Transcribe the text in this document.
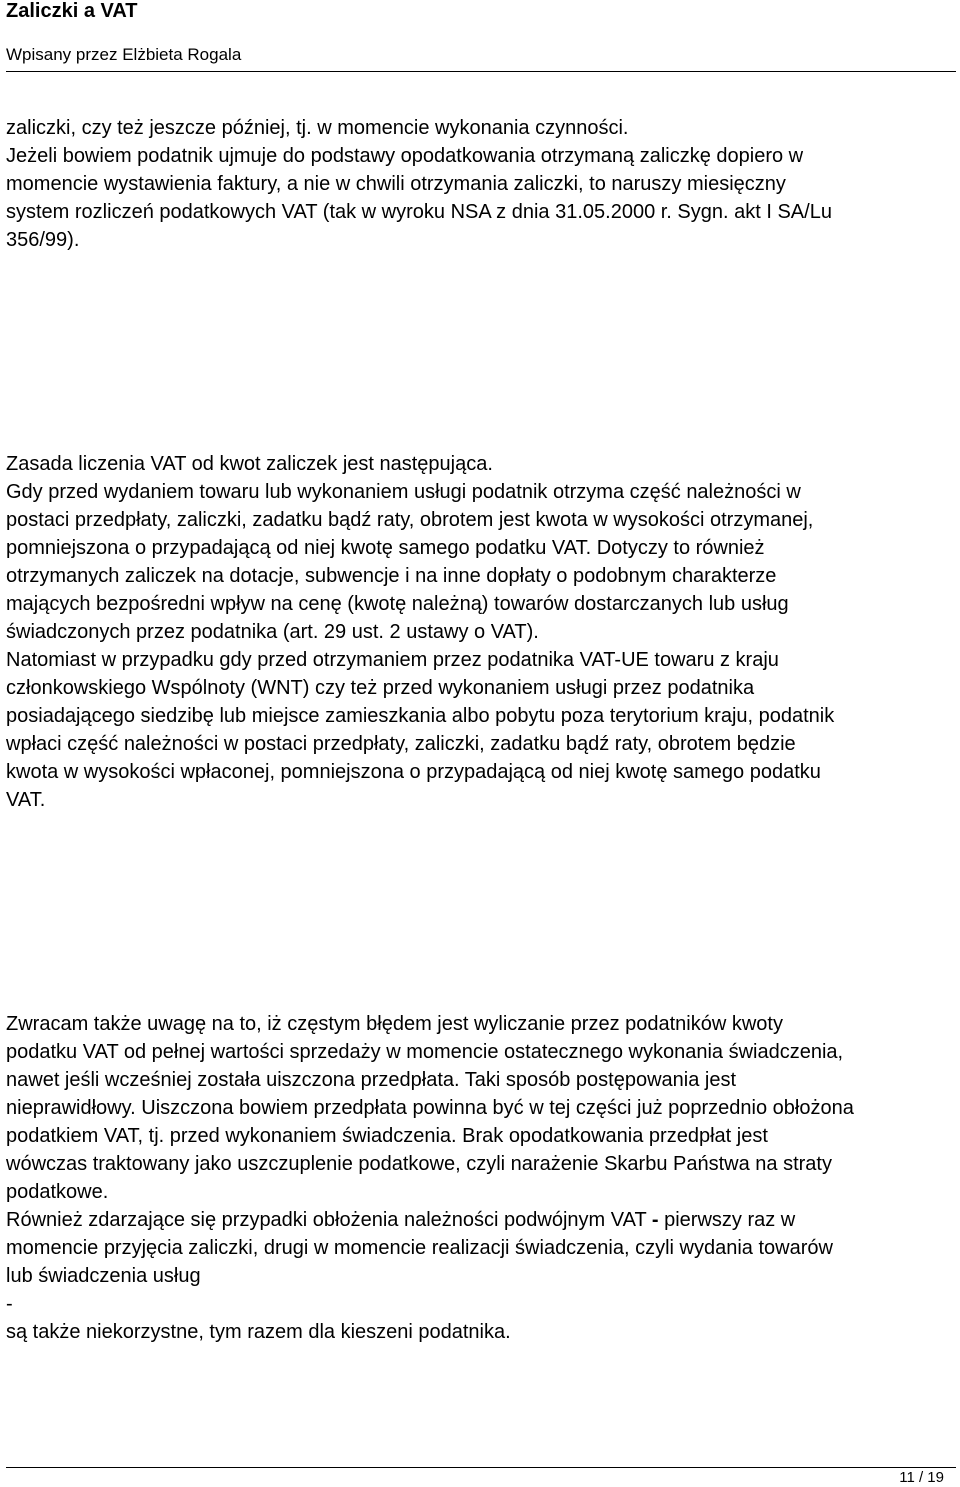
Zaliczki a VAT
Wpisany przez Elżbieta Rogala
zaliczki, czy też jeszcze później, tj. w momencie wykonania czynności.
Jeżeli bowiem podatnik ujmuje do podstawy opodatkowania otrzymaną zaliczkę dopiero w
momencie wystawienia faktury, a nie w chwili otrzymania zaliczki, to naruszy miesięczny
system rozliczeń podatkowych VAT (tak w wyroku NSA z dnia 31.05.2000 r. Sygn. akt I SA/Lu
356/99).
Zasada liczenia VAT od kwot zaliczek jest następująca.
Gdy przed wydaniem towaru lub wykonaniem usługi podatnik otrzyma część należności w
postaci przedpłaty, zaliczki, zadatku bądź raty, obrotem jest kwota w wysokości otrzymanej,
pomniejszona o przypadającą od niej kwotę samego podatku VAT. Dotyczy to również
otrzymanych zaliczek na dotacje, subwencje i na inne dopłaty o podobnym charakterze
mających bezpośredni wpływ na cenę (kwotę należną) towarów dostarczanych lub usług
świadczonych przez podatnika (art. 29 ust. 2 ustawy o VAT).
Natomiast w przypadku gdy przed otrzymaniem przez podatnika VAT-UE towaru z kraju
członkowskiego Wspólnoty (WNT) czy też przed wykonaniem usługi przez podatnika
posiadającego siedzibę lub miejsce zamieszkania albo pobytu poza terytorium kraju, podatnik
wpłaci część należności w postaci przedpłaty, zaliczki, zadatku bądź raty, obrotem będzie
kwota w wysokości wpłaconej, pomniejszona o przypadającą od niej kwotę samego podatku
VAT.
Zwracam także uwagę na to, iż częstym błędem jest wyliczanie przez podatników kwoty
podatku VAT od pełnej wartości sprzedaży w momencie ostatecznego wykonania świadczenia,
nawet jeśli wcześniej została uiszczona przedpłata. Taki sposób postępowania jest
nieprawidłowy. Uiszczona bowiem przedpłata powinna być w tej części już poprzednio obłożona
podatkiem VAT, tj. przed wykonaniem świadczenia. Brak opodatkowania przedpłat jest
wówczas traktowany jako uszczuplenie podatkowe, czyli narażenie Skarbu Państwa na straty
podatkowe.
Również zdarzające się przypadki obłożenia należności podwójnym VAT - pierwszy raz w
momencie przyjęcia zaliczki, drugi w momencie realizacji świadczenia, czyli wydania towarów
lub świadczenia usług
-
są także niekorzystne, tym razem dla kieszeni podatnika.
11 / 19
